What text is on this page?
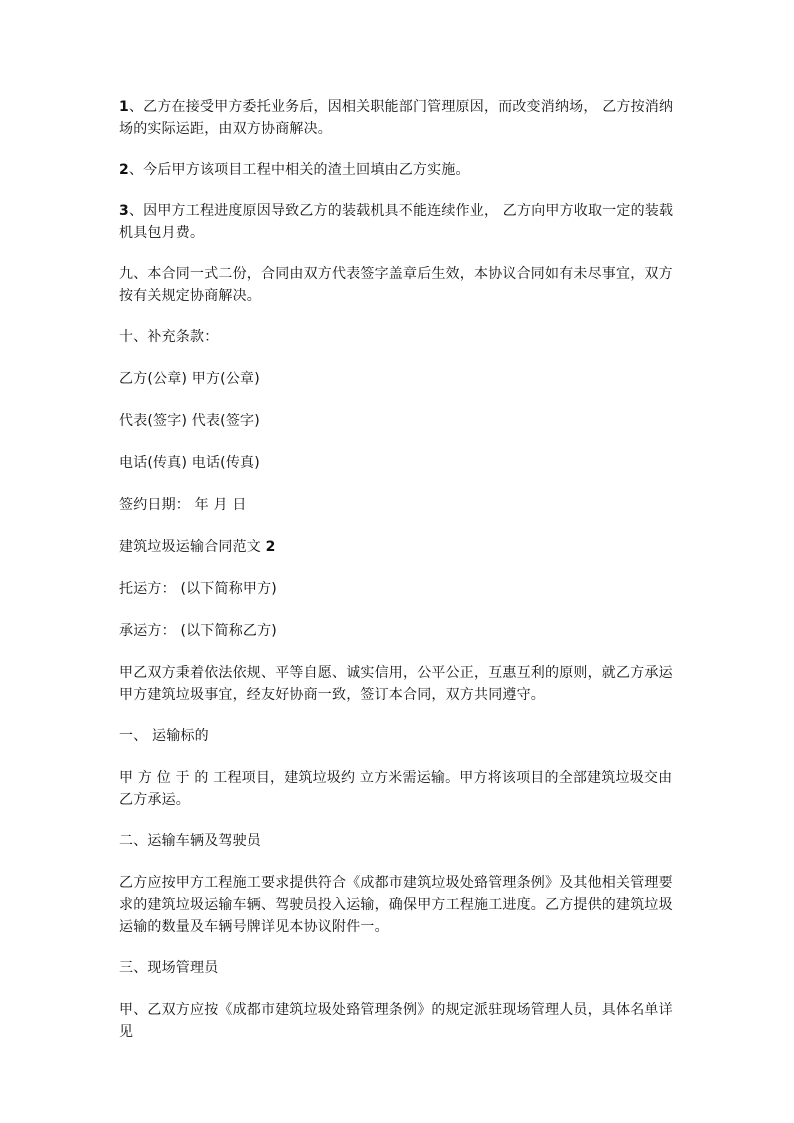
1、乙方在接受甲方委托业务后，因相关职能部门管理原因，而改变消纳场， 乙方按消纳场的实际运距，由双方协商解决。

2、今后甲方该项目工程中相关的渣土回填由乙方实施。

3、因甲方工程进度原因导致乙方的装载机具不能连续作业， 乙方向甲方收取一定的装载机具包月费。

九、本合同一式二份，合同由双方代表签字盖章后生效，本协议合同如有未尽事宜，双方按有关规定协商解决。

十、补充条款：

乙方(公章) 甲方(公章)

代表(签字) 代表(签字)

电话(传真) 电话(传真)

签约日期： 年 月 日

建筑垃圾运输合同范文 2

托运方： (以下简称甲方)

承运方： (以下简称乙方)

甲乙双方秉着依法依规、平等自愿、诚实信用，公平公正，互惠互利的原则，就乙方承运甲方建筑垃圾事宜，经友好协商一致，签订本合同，双方共同遵守。

一、 运输标的

甲 方 位 于 的 工程项目，建筑垃圾约 立方米需运输。甲方将该项目的全部建筑垃圾交由乙方承运。

二、运输车辆及驾驶员

乙方应按甲方工程施工要求提供符合《成都市建筑垃圾处臵管理条例》及其他相关管理要求的建筑垃圾运输车辆、驾驶员投入运输，确保甲方工程施工进度。乙方提供的建筑垃圾运输的数量及车辆号牌详见本协议附件一。

三、现场管理员

甲、乙双方应按《成都市建筑垃圾处臵管理条例》的规定派驻现场管理人员，具体名单详见
